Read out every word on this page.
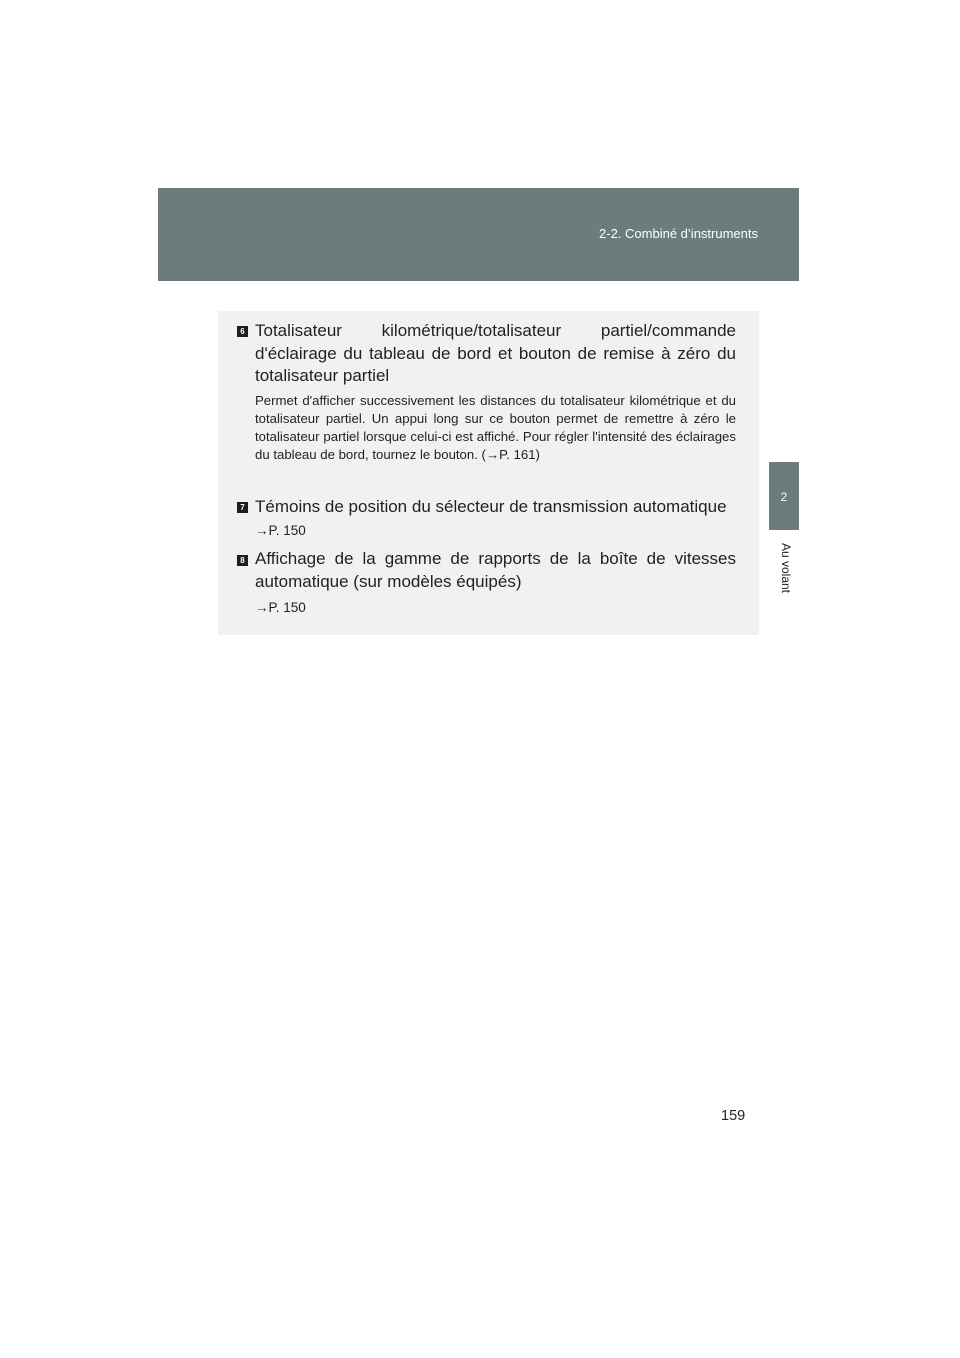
2-2. Combiné d’instruments
2
Au volant
6 Totalisateur kilométrique/totalisateur partiel/commande d'éclairage du tableau de bord et bouton de remise à zéro du totalisateur partiel
Permet d'afficher successivement les distances du totalisateur kilométrique et du totalisateur partiel. Un appui long sur ce bouton permet de remettre à zéro le totalisateur partiel lorsque celui-ci est affiché. Pour régler l'intensité des éclairages du tableau de bord, tournez le bouton. (→P. 161)
7 Témoins de position du sélecteur de transmission automatique
→P. 150
8 Affichage de la gamme de rapports de la boîte de vitesses automatique (sur modèles équipés)
→P. 150
159
